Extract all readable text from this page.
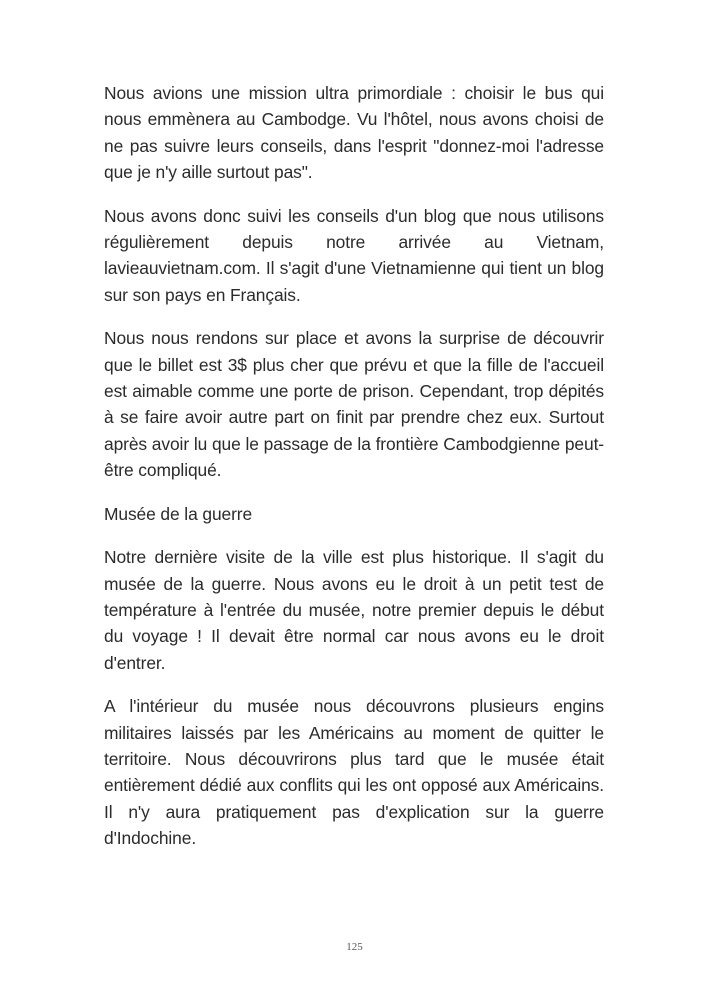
Nous avions une mission ultra primordiale : choisir le bus qui nous emmènera au Cambodge. Vu l'hôtel, nous avons choisi de ne pas suivre leurs conseils, dans l'esprit "donnez-moi l'adresse que je n'y aille surtout pas".

Nous avons donc suivi les conseils d'un blog que nous utilisons régulièrement depuis notre arrivée au Vietnam, lavieauvietnam.com. Il s'agit d'une Vietnamienne qui tient un blog sur son pays en Français.

Nous nous rendons sur place et avons la surprise de découvrir que le billet est 3$ plus cher que prévu et que la fille de l'accueil est aimable comme une porte de prison. Cependant, trop dépités à se faire avoir autre part on finit par prendre chez eux. Surtout après avoir lu que le passage de la frontière Cambodgienne peut-être compliqué.

Musée de la guerre

Notre dernière visite de la ville est plus historique. Il s'agit du musée de la guerre. Nous avons eu le droit à un petit test de température à l'entrée du musée, notre premier depuis le début du voyage ! Il devait être normal car nous avons eu le droit d'entrer.

A l'intérieur du musée nous découvrons plusieurs engins militaires laissés par les Américains au moment de quitter le territoire. Nous découvrirons plus tard que le musée était entièrement dédié aux conflits qui les ont opposé aux Américains. Il n'y aura pratiquement pas d'explication sur la guerre d'Indochine.

125
